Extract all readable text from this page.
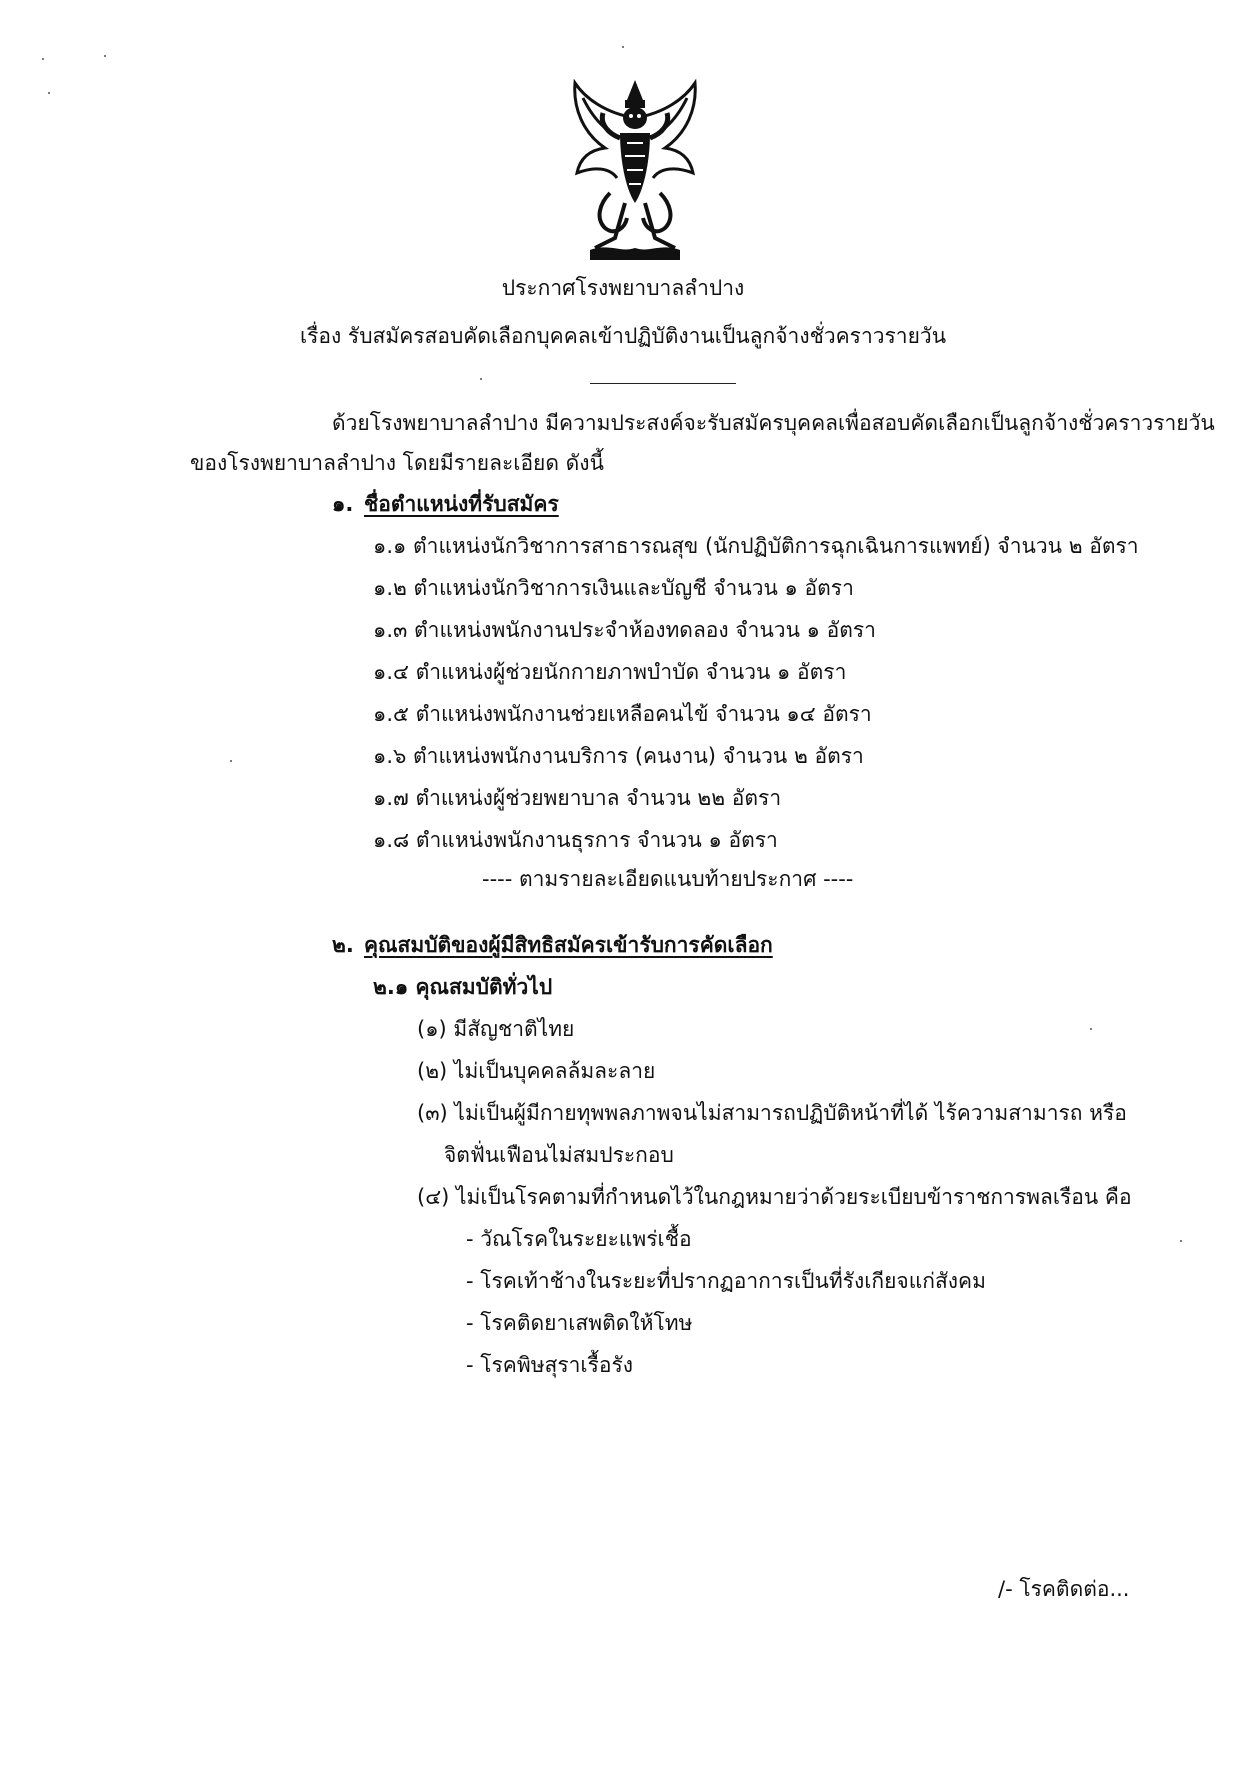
ประกาศโรงพยาบาลลำปาง
เรื่อง รับสมัครสอบคัดเลือกบุคคลเข้าปฏิบัติงานเป็นลูกจ้างชั่วคราวรายวัน
ด้วยโรงพยาบาลลำปาง มีความประสงค์จะรับสมัครบุคคลเพื่อสอบคัดเลือกเป็นลูกจ้างชั่วคราวรายวัน
ของโรงพยาบาลลำปาง โดยมีรายละเอียด ดังนี้
๑. ชื่อตำแหน่งที่รับสมัคร
๑.๑ ตำแหน่งนักวิชาการสาธารณสุข (นักปฏิบัติการฉุกเฉินการแพทย์) จำนวน ๒ อัตรา
๑.๒ ตำแหน่งนักวิชาการเงินและบัญชี จำนวน ๑ อัตรา
๑.๓ ตำแหน่งพนักงานประจำห้องทดลอง จำนวน ๑ อัตรา
๑.๔ ตำแหน่งผู้ช่วยนักกายภาพบำบัด จำนวน ๑ อัตรา
๑.๕ ตำแหน่งพนักงานช่วยเหลือคนไข้ จำนวน ๑๔ อัตรา
๑.๖ ตำแหน่งพนักงานบริการ (คนงาน) จำนวน ๒ อัตรา
๑.๗ ตำแหน่งผู้ช่วยพยาบาล จำนวน ๒๒ อัตรา
๑.๘ ตำแหน่งพนักงานธุรการ จำนวน ๑ อัตรา
---- ตามรายละเอียดแนบท้ายประกาศ ----
๒. คุณสมบัติของผู้มีสิทธิสมัครเข้ารับการคัดเลือก
๒.๑ คุณสมบัติทั่วไป
(๑) มีสัญชาติไทย
(๒) ไม่เป็นบุคคลล้มละลาย
(๓) ไม่เป็นผู้มีกายทุพพลภาพจนไม่สามารถปฏิบัติหน้าที่ได้ ไร้ความสามารถ หรือ
จิตฟั่นเฟือนไม่สมประกอบ
(๔) ไม่เป็นโรคตามที่กำหนดไว้ในกฎหมายว่าด้วยระเบียบข้าราชการพลเรือน คือ
- วัณโรคในระยะแพร่เชื้อ
- โรคเท้าช้างในระยะที่ปรากฏอาการเป็นที่รังเกียจแก่สังคม
- โรคติดยาเสพติดให้โทษ
- โรคพิษสุราเรื้อรัง
/- โรคติดต่อ...
